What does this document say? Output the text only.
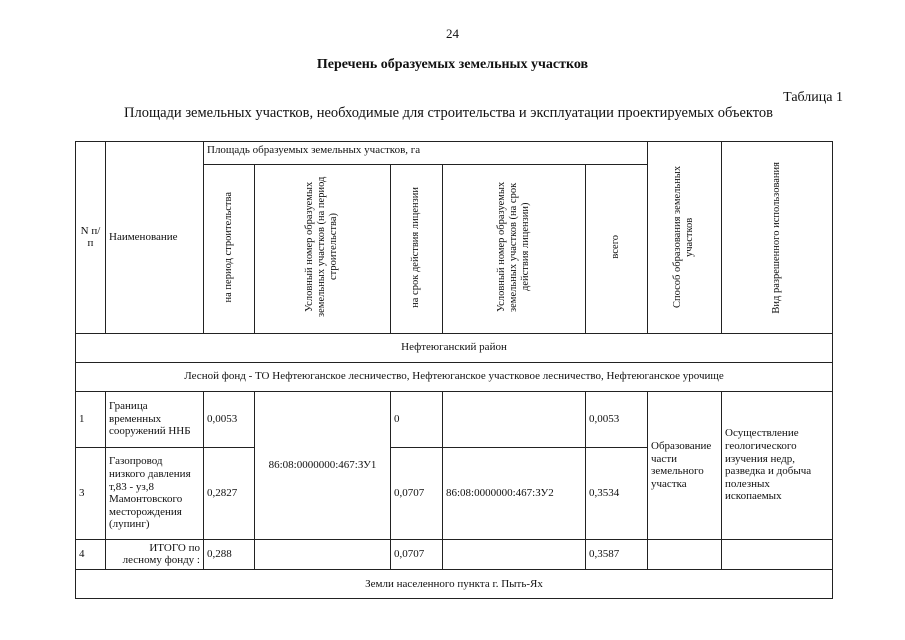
24
Перечень образуемых земельных участков
Таблица 1
Площади земельных участков, необходимые для строительства и эксплуатации проектируемых объектов
N п/п	Наименование	Площадь образуемых земельных участков, га					Способ образования земельных участков	Вид разрешенного использования
		на период строительства	Условный номер образуемых земельных участков (на период строительства)	на срок действия лицензии	Условный номер образуемых земельных участков (на срок действия лицензии)	всего		
Нефтеюганский район								
Лесной фонд - ТО Нефтеюганское лесничество, Нефтеюганское участковое лесничество, Нефтеюганское урочище								
1	Граница временных сооружений ННБ	0,0053	86:08:0000000:467:ЗУ1	0		0,0053	Образование части земельного участка	Осуществление геологического изучения недр, разведка и добыча полезных ископаемых
3	Газопровод низкого давления т,83 - уз,8 Мамонтовского месторождения (лупинг)	0,2827		0,0707	86:08:0000000:467:ЗУ2	0,3534		
4	ИТОГО по лесному фонду :	0,288		0,0707		0,3587		
Земли населенного пункта г. Пыть-Ях								
